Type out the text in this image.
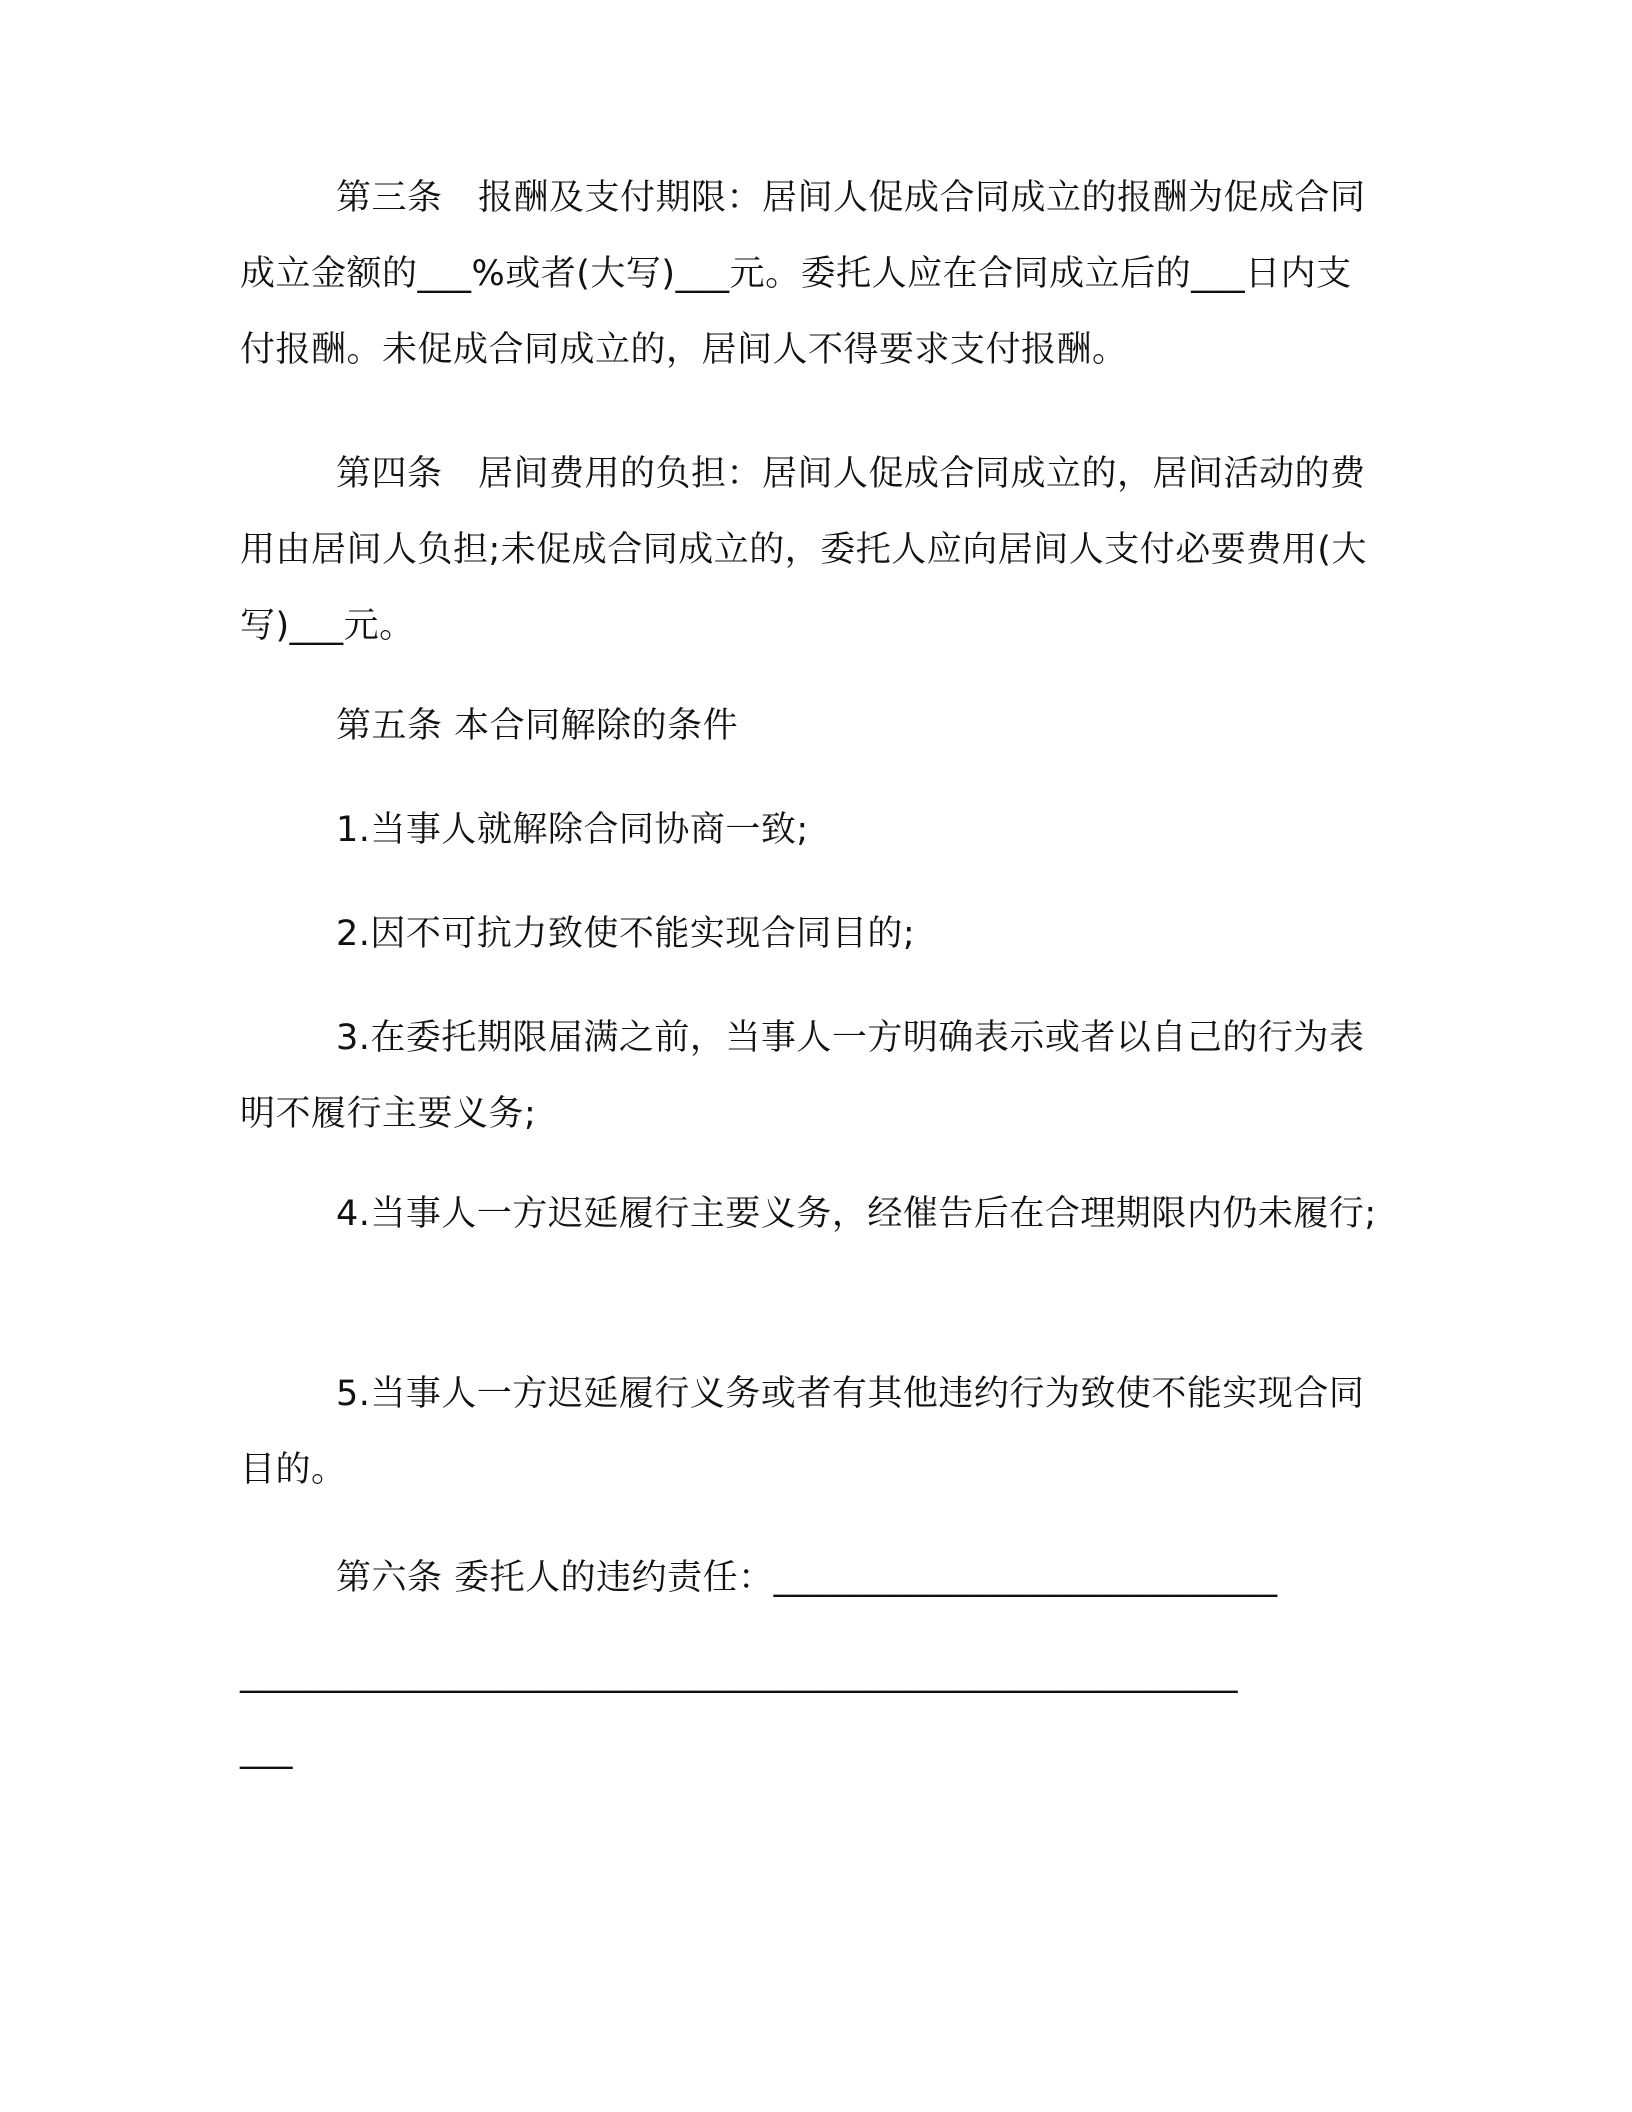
第三条　报酬及支付期限：居间人促成合同成立的报酬为促成合同成立金额的___%或者(大写)___元。委托人应在合同成立后的___日内支付报酬。未促成合同成立的，居间人不得要求支付报酬。

第四条　居间费用的负担：居间人促成合同成立的，居间活动的费用由居间人负担;未促成合同成立的，委托人应向居间人支付必要费用(大写)___元。

第五条 本合同解除的条件

1.当事人就解除合同协商一致;

2.因不可抗力致使不能实现合同目的;

3.在委托期限届满之前，当事人一方明确表示或者以自己的行为表明不履行主要义务;

4.当事人一方迟延履行主要义务，经催告后在合理期限内仍未履行;

5.当事人一方迟延履行义务或者有其他违约行为致使不能实现合同目的。

第六条 委托人的违约责任：____________________________

_________________________________________________________
___
